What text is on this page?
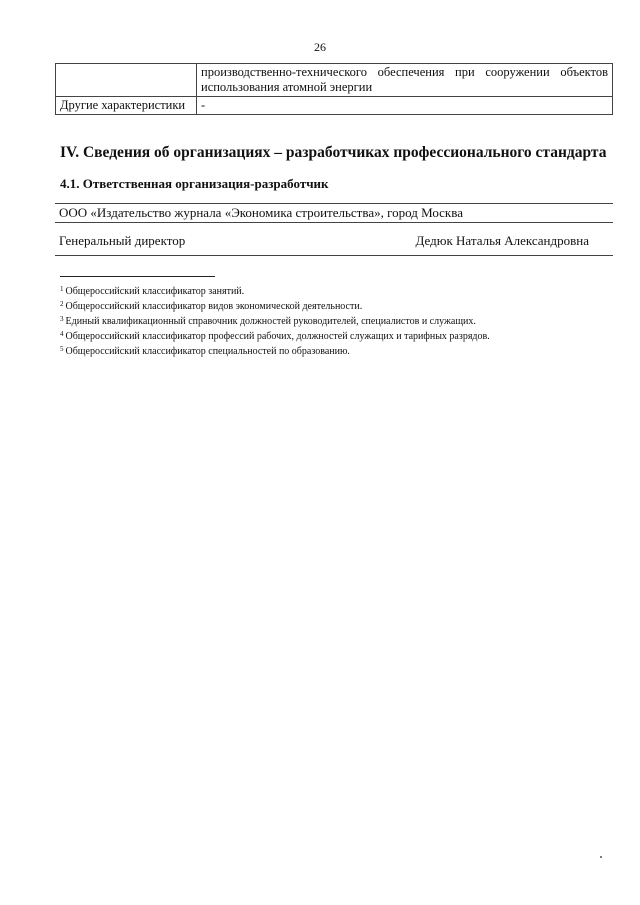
26

	производственно-технического обеспечения при сооружении объектов
использования атомной энергии

Другие характеристики	-
IV. Сведения об организациях – разработчиках профессионального стандарта
4.1. Ответственная организация-разработчик
ООО «Издательство журнала «Экономика строительства», город Москва
Генеральный директор	Дедюк Наталья Александровна
$^1$ Общероссийский классификатор занятий.
$^2$ Общероссийский классификатор видов экономической деятельности.
$^3$ Единый квалификационный справочник должностей руководителей, специалистов и служащих.
$^4$ Общероссийский классификатор профессий рабочих, должностей служащих и тарифных разрядов.
$^5$ Общероссийский классификатор специальностей по образованию.
